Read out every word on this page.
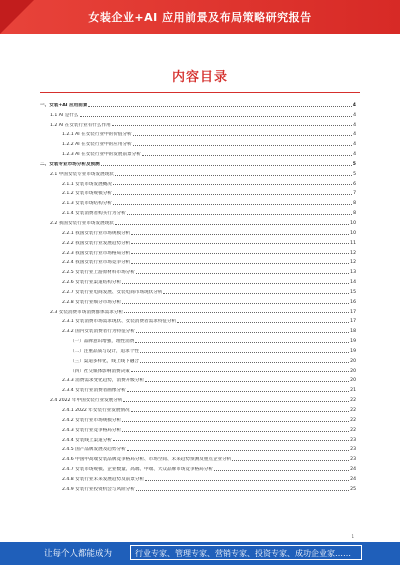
女装企业+AI 应用前景及布局策略研究报告
内容目录
一、女装+AI 应用前景	4
1.1 AI 是什么	4
1.2 AI 在女装行业有什么作用	4
1.2.1 AI 在女装行业中的价值分析	4
1.2.2 AI 在女装行业中的应用分析	4
1.2.3 AI 在女装行业中的发展前景分析	4
二、女装专业市场分析及预测	5
2.1 中国女装专业市场发展现状	5
2.1.1 女装市场发展概况	6
2.1.2 女装市场规模分析	7
2.1.3 女装市场结构分析	8
2.1.4 女装消费者购买行为分析	8
2.2 我国女装行业市场发展现状	10
2.2.1 我国女装行业市场规模分析	10
2.2.2 我国女装行业发展趋势分析	11
2.2.3 我国女装行业市场格局分析	12
2.2.4 我国女装行业市场竞争分析	12
2.2.5 女装行业上游原材料市场分析	13
2.2.6 女装行业渠道结构分析	14
2.2.7 女装行业电商发展、女装电商市场现状分析	15
2.2.8 女装行业细分市场分析	16
2.3 女装消费市场消费群体需求分析	17
2.3.1 女装消费市场需求现状、女装消费者需求特征分析	17
2.3.2 国内女装消费者行为特征分析	18
（一）品牌意识增强，理性消费	19
（二）注重品质与设计，追求个性	19
（三）渠道多样化，线上线下融合	20
（四）社交媒体影响消费决策	20
2.3.3 消费需求变化趋势，消费升级分析	20
2.3.4 女装行业消费者画像分析	21
2.4 2022 年中国女装行业发展分析	22
2.4.1 2022 年女装行业发展情况	22
2.4.2 女装行业市场规模分析	22
2.4.3 女装行业竞争格局分析	22
2.4.4 女装线上渠道分析	23
2.4.5 国产品牌发展及趋势分析	23
2.4.6 中国中高端女装品牌竞争格局分析、市场空间、未来趋势预测及重点企业分析	23
2.4.7 女装市场规模、企业数量、高端、中端、大众品牌市场竞争格局分析	24
2.4.8 女装行业未来发展趋势及前景分析	24
2.4.9 女装行业投资机会与风险分析	25
1
让每个人都能成为	行业专家、管理专家、营销专家、投资专家、成功企业家……
